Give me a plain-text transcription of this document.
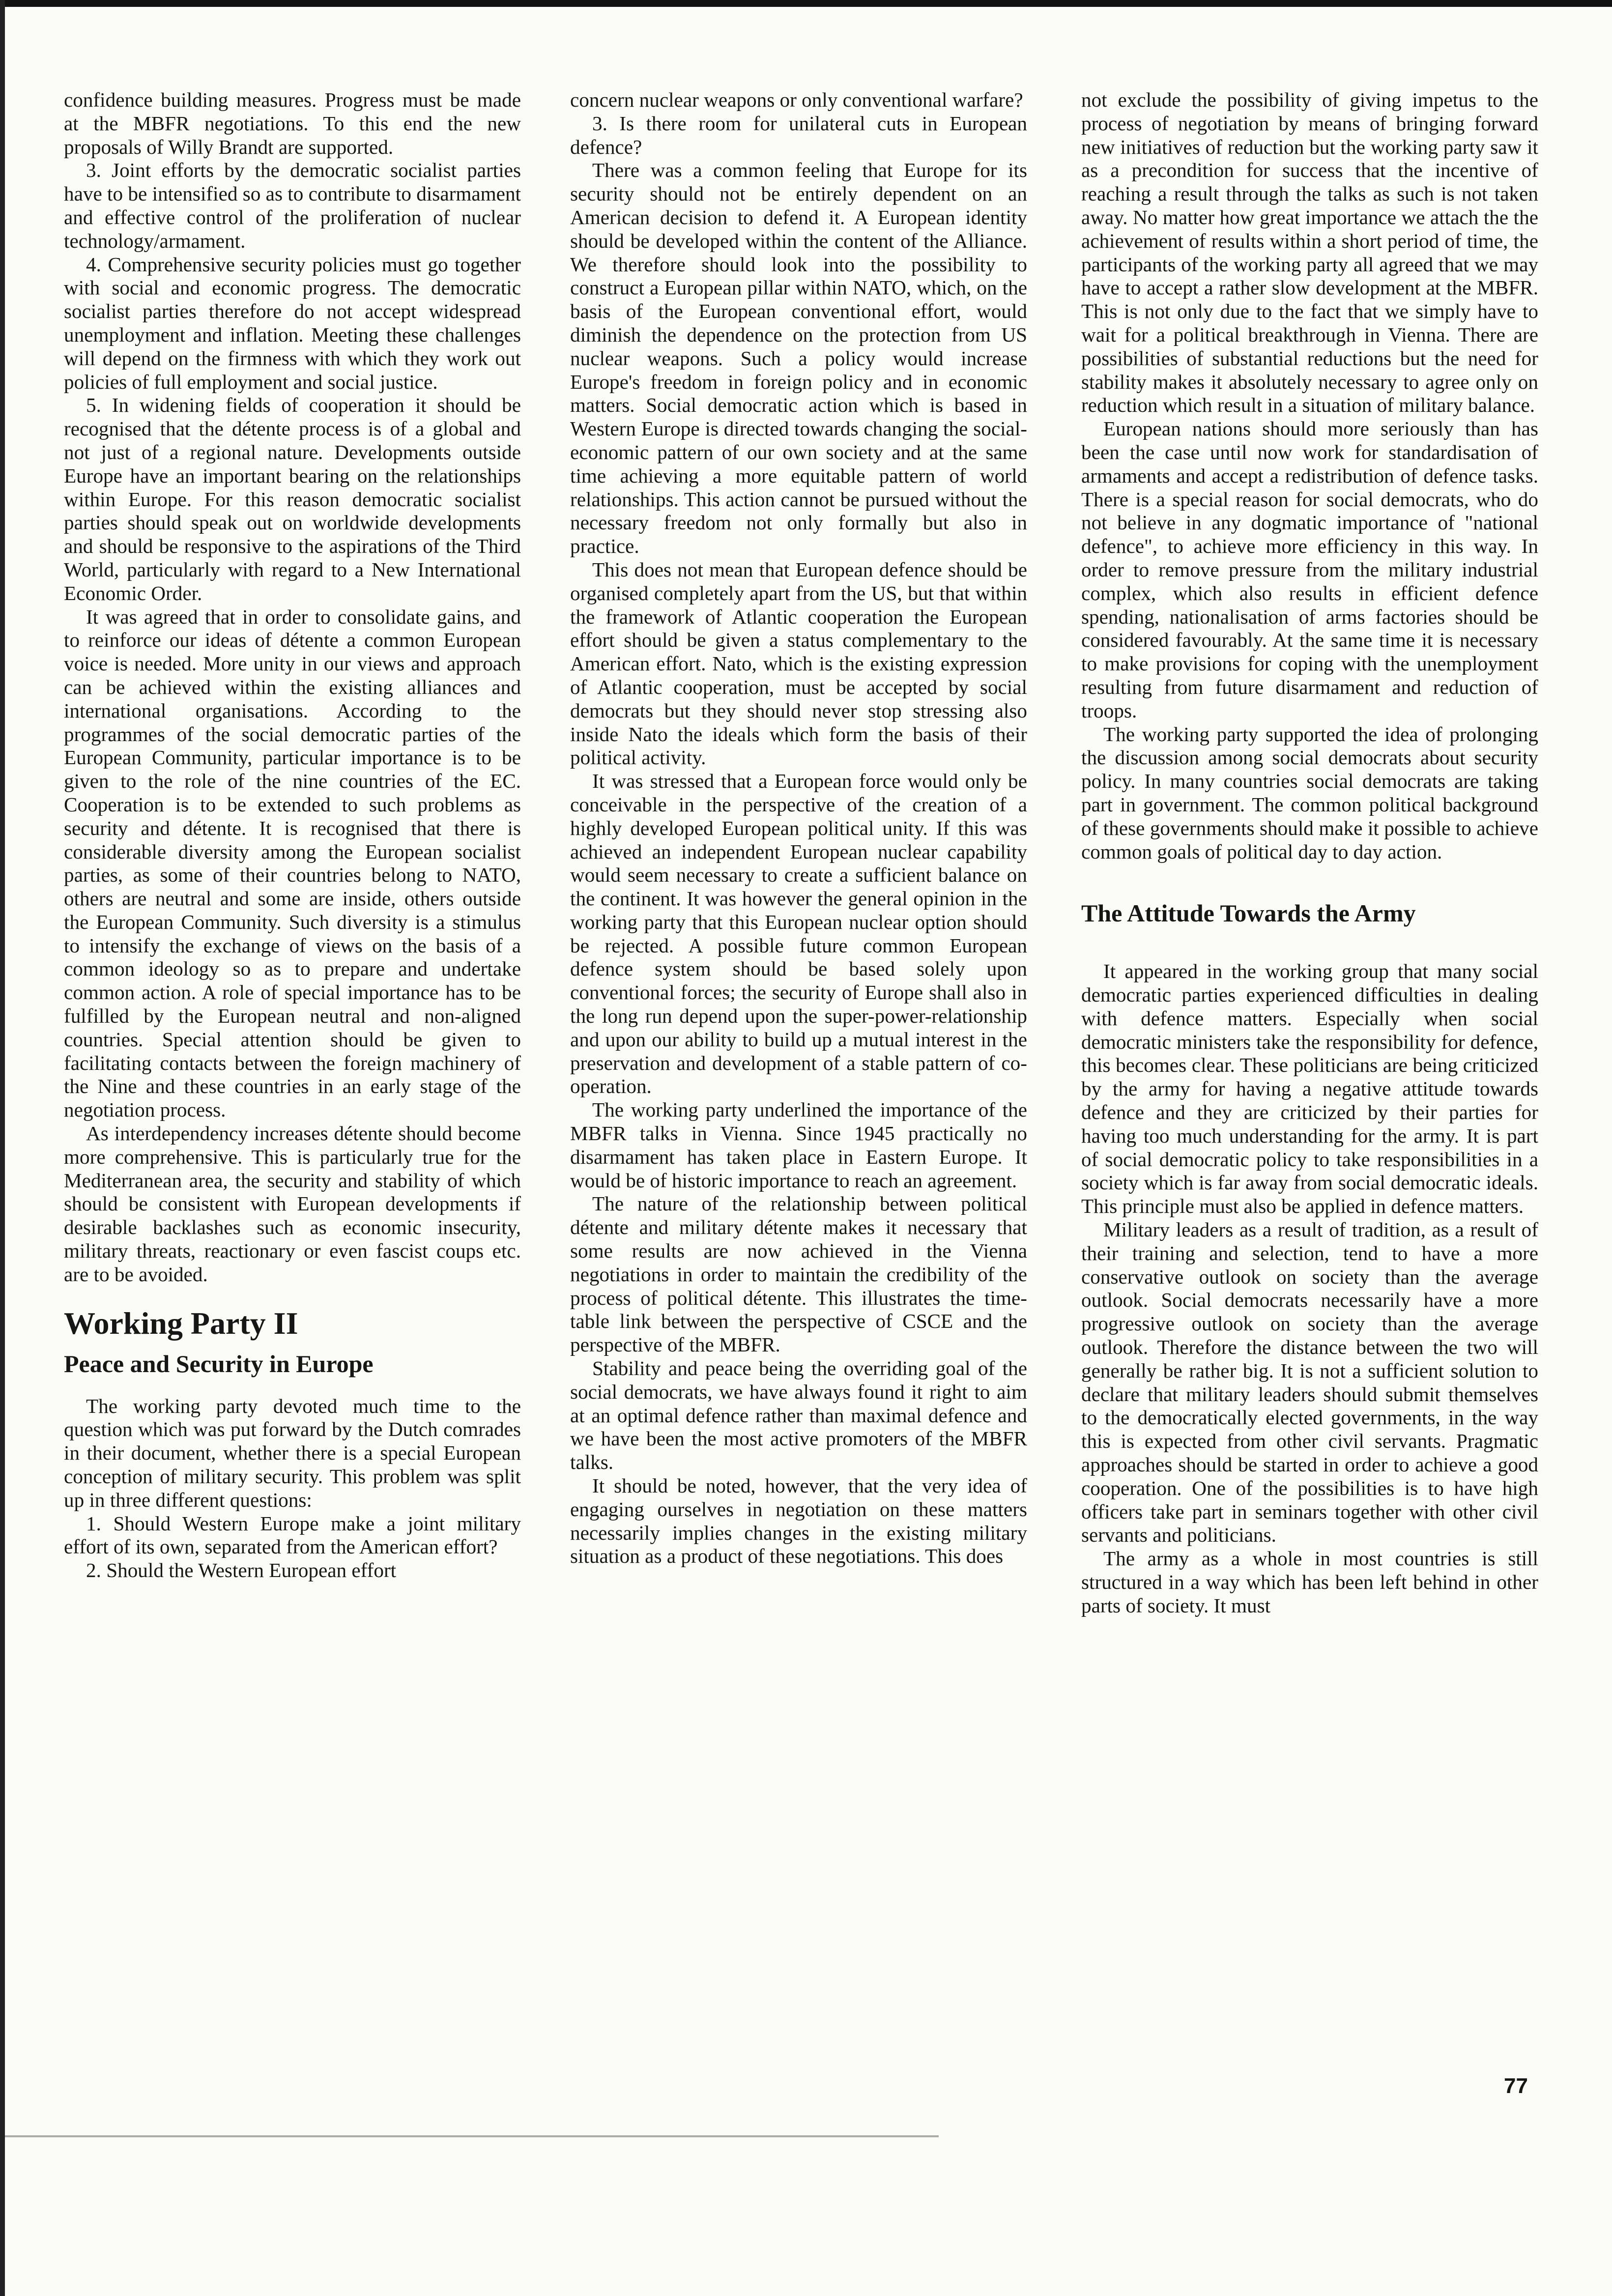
confidence building measures. Progress must be made at the MBFR negotiations. To this end the new proposals of Willy Brandt are supported.

3. Joint efforts by the democratic socialist parties have to be intensified so as to contribute to disarmament and effective control of the proliferation of nuclear technology/armament.

4. Comprehensive security policies must go together with social and economic progress. The democratic socialist parties therefore do not accept widespread unemployment and inflation. Meeting these challenges will depend on the firmness with which they work out policies of full employment and social justice.

5. In widening fields of cooperation it should be recognised that the détente process is of a global and not just of a regional nature. Developments outside Europe have an important bearing on the relationships within Europe. For this reason democratic socialist parties should speak out on worldwide developments and should be responsive to the aspirations of the Third World, particularly with regard to a New International Economic Order.

It was agreed that in order to consolidate gains, and to reinforce our ideas of détente a common European voice is needed. More unity in our views and approach can be achieved within the existing alliances and international organisations. According to the programmes of the social democratic parties of the European Community, particular importance is to be given to the role of the nine countries of the EC. Cooperation is to be extended to such problems as security and détente. It is recognised that there is considerable diversity among the European socialist parties, as some of their countries belong to NATO, others are neutral and some are inside, others outside the European Community. Such diversity is a stimulus to intensify the exchange of views on the basis of a common ideology so as to prepare and undertake common action. A role of special importance has to be fulfilled by the European neutral and non-aligned countries. Special attention should be given to facilitating contacts between the foreign machinery of the Nine and these countries in an early stage of the negotiation process.

As interdependency increases détente should become more comprehensive. This is particularly true for the Mediterranean area, the security and stability of which should be consistent with European developments if desirable backlashes such as economic insecurity, military threats, reactionary or even fascist coups etc. are to be avoided.

Working Party II
Peace and Security in Europe

The working party devoted much time to the question which was put forward by the Dutch comrades in their document, whether there is a special European conception of military security. This problem was split up in three different questions:

1. Should Western Europe make a joint military effort of its own, separated from the American effort?

2. Should the Western European effort

concern nuclear weapons or only conventional warfare?

3. Is there room for unilateral cuts in European defence?

There was a common feeling that Europe for its security should not be entirely dependent on an American decision to defend it. A European identity should be developed within the content of the Alliance. We therefore should look into the possibility to construct a European pillar within NATO, which, on the basis of the European conventional effort, would diminish the dependence on the protection from US nuclear weapons. Such a policy would increase Europe's freedom in foreign policy and in economic matters. Social democratic action which is based in Western Europe is directed towards changing the social-economic pattern of our own society and at the same time achieving a more equitable pattern of world relationships. This action cannot be pursued without the necessary freedom not only formally but also in practice.

This does not mean that European defence should be organised completely apart from the US, but that within the framework of Atlantic cooperation the European effort should be given a status complementary to the American effort. Nato, which is the existing expression of Atlantic cooperation, must be accepted by social democrats but they should never stop stressing also inside Nato the ideals which form the basis of their political activity.

It was stressed that a European force would only be conceivable in the perspective of the creation of a highly developed European political unity. If this was achieved an independent European nuclear capability would seem necessary to create a sufficient balance on the continent. It was however the general opinion in the working party that this European nuclear option should be rejected. A possible future common European defence system should be based solely upon conventional forces; the security of Europe shall also in the long run depend upon the super-power-relationship and upon our ability to build up a mutual interest in the preservation and development of a stable pattern of co-operation.

The working party underlined the importance of the MBFR talks in Vienna. Since 1945 practically no disarmament has taken place in Eastern Europe. It would be of historic importance to reach an agreement.

The nature of the relationship between political détente and military détente makes it necessary that some results are now achieved in the Vienna negotiations in order to maintain the credibility of the process of political détente. This illustrates the time-table link between the perspective of CSCE and the perspective of the MBFR.

Stability and peace being the overriding goal of the social democrats, we have always found it right to aim at an optimal defence rather than maximal defence and we have been the most active promoters of the MBFR talks.

It should be noted, however, that the very idea of engaging ourselves in negotiation on these matters necessarily implies changes in the existing military situation as a product of these negotiations. This does

not exclude the possibility of giving impetus to the process of negotiation by means of bringing forward new initiatives of reduction but the working party saw it as a precondition for success that the incentive of reaching a result through the talks as such is not taken away. No matter how great importance we attach the the achievement of results within a short period of time, the participants of the working party all agreed that we may have to accept a rather slow development at the MBFR. This is not only due to the fact that we simply have to wait for a political breakthrough in Vienna. There are possibilities of substantial reductions but the need for stability makes it absolutely necessary to agree only on reduction which result in a situation of military balance.

European nations should more seriously than has been the case until now work for standardisation of armaments and accept a redistribution of defence tasks. There is a special reason for social democrats, who do not believe in any dogmatic importance of "national defence", to achieve more efficiency in this way. In order to remove pressure from the military industrial complex, which also results in efficient defence spending, nationalisation of arms factories should be considered favourably. At the same time it is necessary to make provisions for coping with the unemployment resulting from future disarmament and reduction of troops.

The working party supported the idea of prolonging the discussion among social democrats about security policy. In many countries social democrats are taking part in government. The common political background of these governments should make it possible to achieve common goals of political day to day action.

The Attitude Towards the Army

It appeared in the working group that many social democratic parties experienced difficulties in dealing with defence matters. Especially when social democratic ministers take the responsibility for defence, this becomes clear. These politicians are being criticized by the army for having a negative attitude towards defence and they are criticized by their parties for having too much understanding for the army. It is part of social democratic policy to take responsibilities in a society which is far away from social democratic ideals. This principle must also be applied in defence matters.

Military leaders as a result of tradition, as a result of their training and selection, tend to have a more conservative outlook on society than the average outlook. Social democrats necessarily have a more progressive outlook on society than the average outlook. Therefore the distance between the two will generally be rather big. It is not a sufficient solution to declare that military leaders should submit themselves to the democratically elected governments, in the way this is expected from other civil servants. Pragmatic approaches should be started in order to achieve a good cooperation. One of the possibilities is to have high officers take part in seminars together with other civil servants and politicians.

The army as a whole in most countries is still structured in a way which has been left behind in other parts of society. It must

77
